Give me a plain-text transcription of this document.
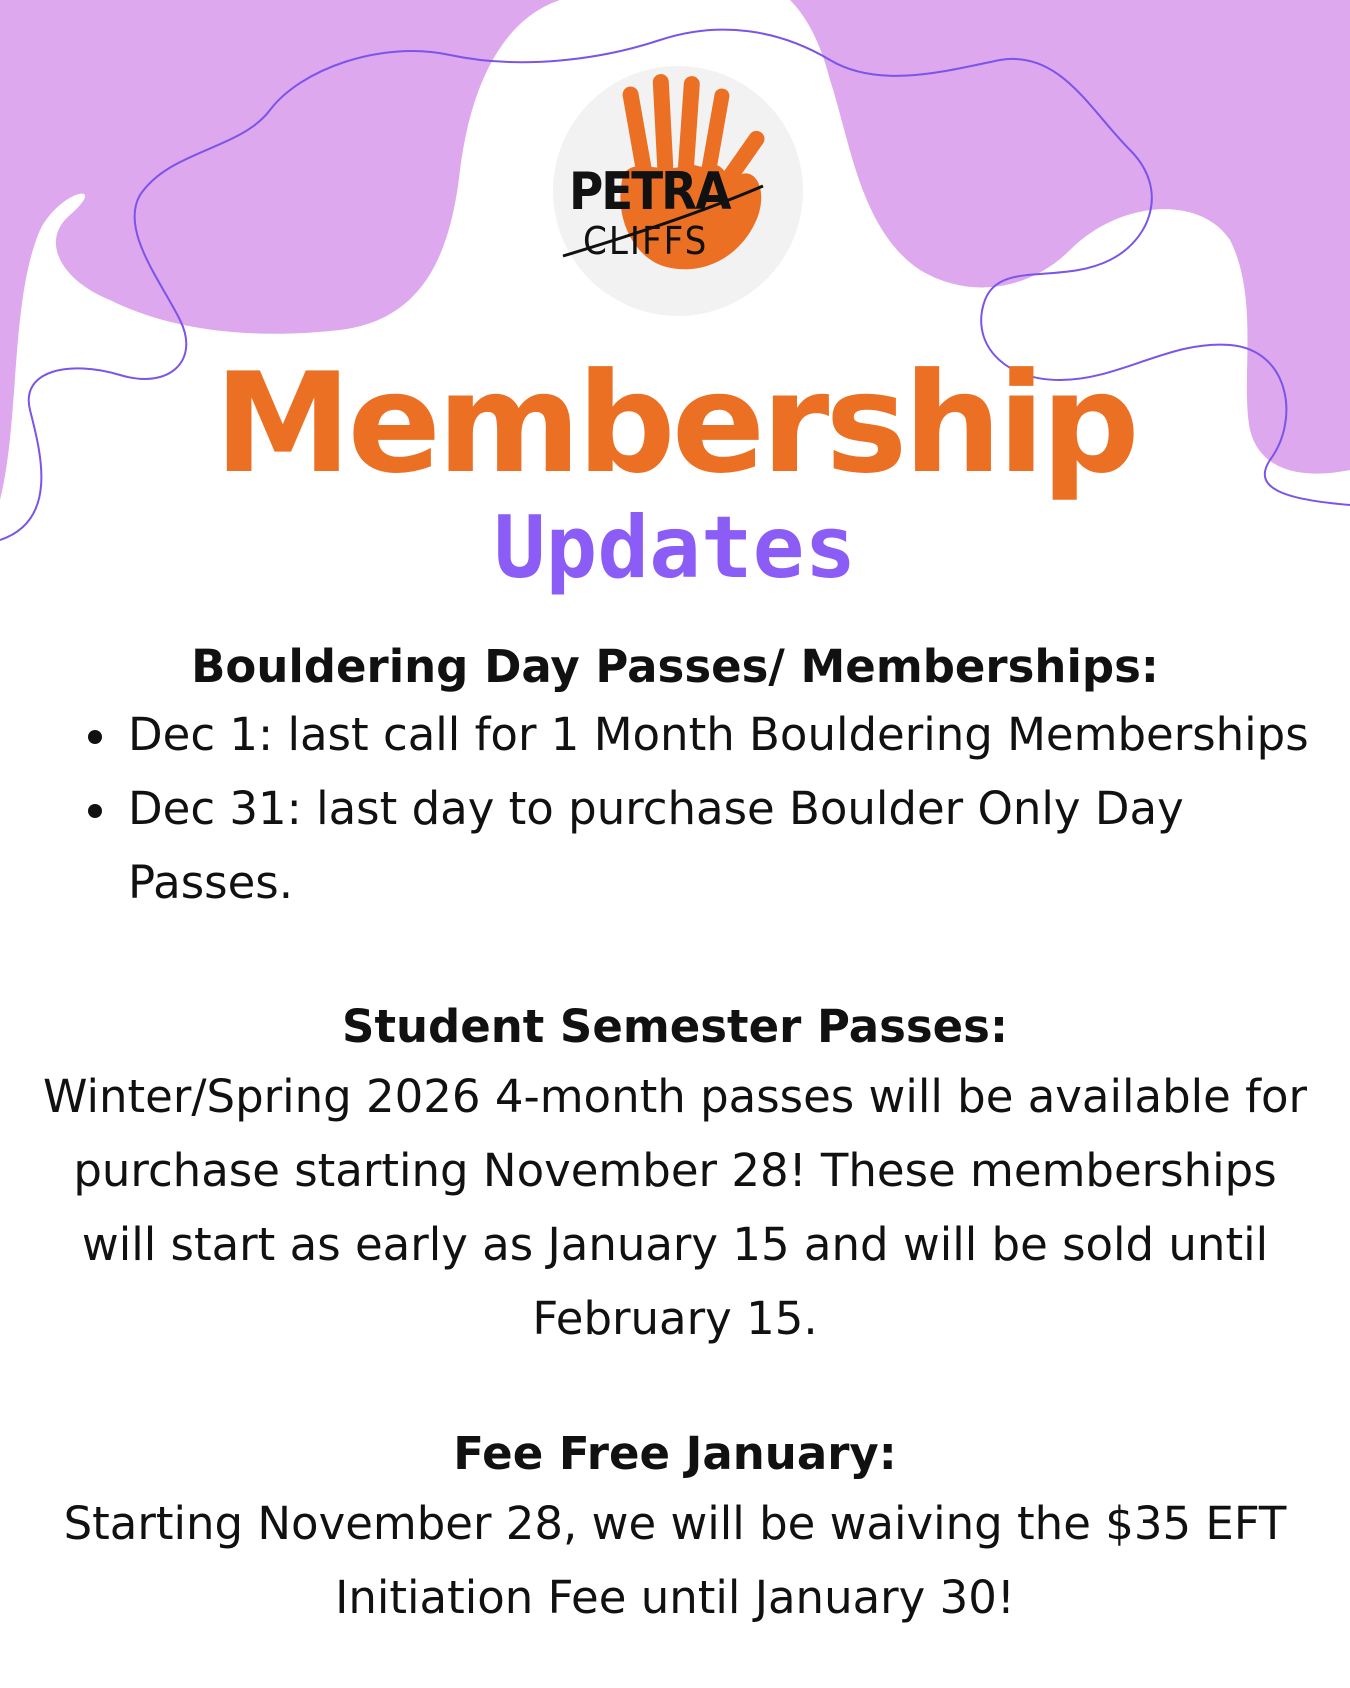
PETRA
CLIFFS
Membership
Updates
Bouldering Day Passes/ Memberships:
Dec 1: last call for 1 Month Bouldering Memberships
Dec 31: last day to purchase Boulder Only Day Passes.
Student Semester Passes:
Winter/Spring 2026 4-month passes will be available for purchase starting November 28! These memberships will start as early as January 15 and will be sold until February 15.
Fee Free January:
Starting November 28, we will be waiving the $35 EFT Initiation Fee until January 30!
